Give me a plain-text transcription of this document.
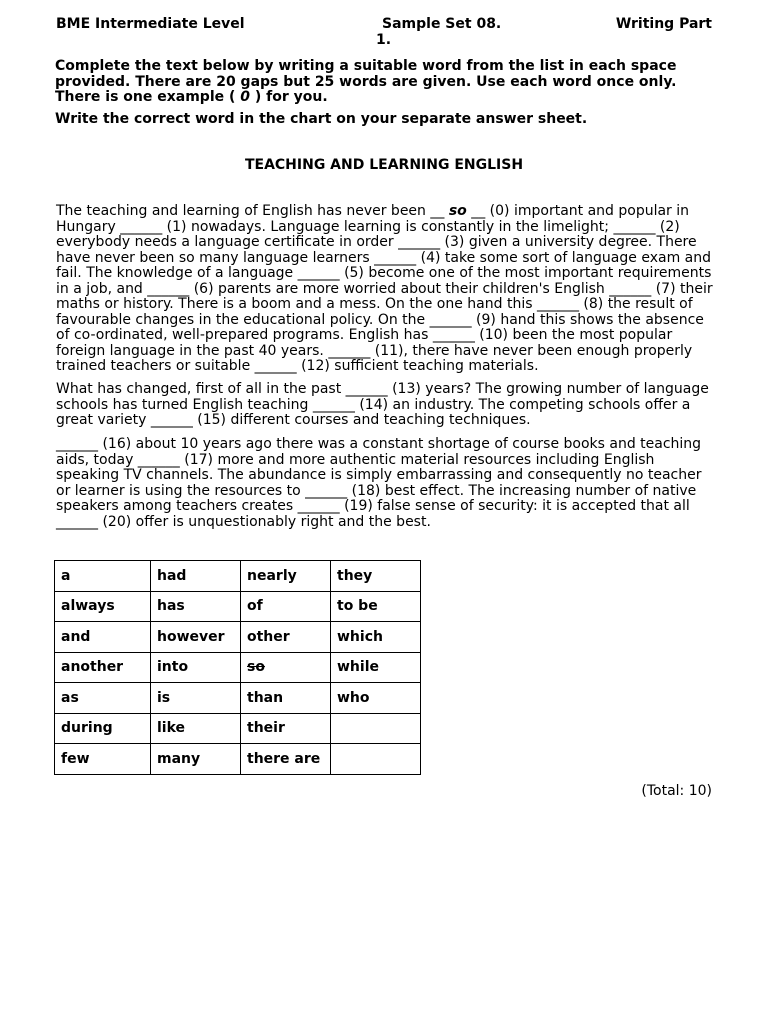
BME Intermediate Level	Sample Set 08.
1.
Writing Part
Complete the text below by writing a suitable word from the list in each space provided. There are 20 gaps but 25 words are given. Use each word once only. There is one example ( 0 ) for you.
Write the correct word in the chart on your separate answer sheet.
TEACHING AND LEARNING ENGLISH
The teaching and learning of English has never been __ so __ (0) important and popular in Hungary ______ (1) nowadays. Language learning is constantly in the limelight; ______ (2) everybody needs a language certificate in order ______ (3) given a university degree. There have never been so many language learners ______ (4) take some sort of language exam and fail. The knowledge of a language ______ (5) become one of the most important requirements in a job, and ______ (6) parents are more worried about their children's English ______ (7) their maths or history. There is a boom and a mess. On the one hand this ______ (8) the result of favourable changes in the educational policy. On the ______ (9) hand this shows the absence of co-ordinated, well-prepared programs. English has ______ (10) been the most popular foreign language in the past 40 years. ______ (11), there have never been enough properly trained teachers or suitable ______ (12) sufficient teaching materials.
What has changed, first of all in the past ______ (13) years? The growing number of language schools has turned English teaching ______ (14) an industry. The competing schools offer a great variety ______ (15) different courses and teaching techniques.
______ (16) about 10 years ago there was a constant shortage of course books and teaching aids, today ______ (17) more and more authentic material resources including English speaking TV channels. The abundance is simply embarrassing and consequently no teacher or learner is using the resources to ______ (18) best effect. The increasing number of native speakers among teachers creates ______ (19) false sense of security: it is accepted that all ______ (20) offer is unquestionably right and the best.
a	had	nearly	they
always	has	of	to be
and	however	other	which
another	into	so	while
as	is	than	who
during	like	their	
few	many	there are	
(Total: 10)
